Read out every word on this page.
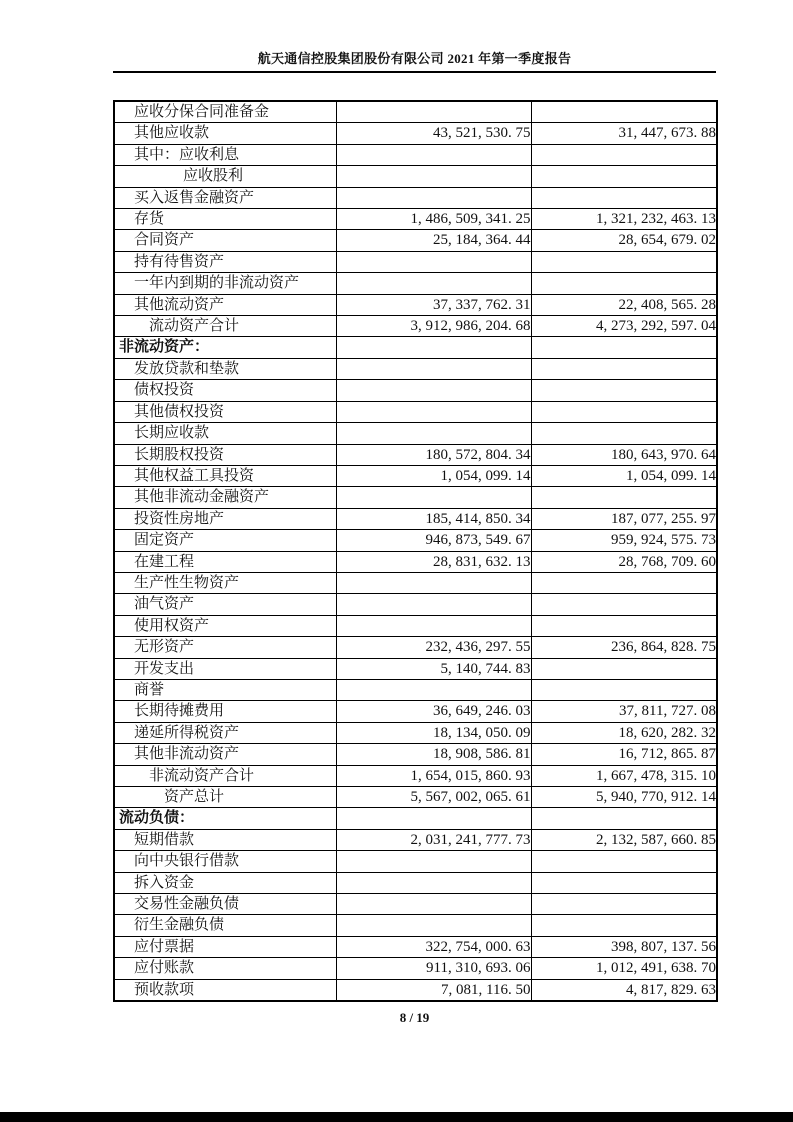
航天通信控股集团股份有限公司 2021 年第一季度报告
应收分保合同准备金		
其他应收款	43, 521, 530. 75	31, 447, 673. 88
其中：应收利息		
应收股利		
买入返售金融资产		
存货	1, 486, 509, 341. 25	1, 321, 232, 463. 13
合同资产	25, 184, 364. 44	28, 654, 679. 02
持有待售资产		
一年内到期的非流动资产		
其他流动资产	37, 337, 762. 31	22, 408, 565. 28
流动资产合计	3, 912, 986, 204. 68	4, 273, 292, 597. 04
非流动资产：		
发放贷款和垫款		
债权投资		
其他债权投资		
长期应收款		
长期股权投资	180, 572, 804. 34	180, 643, 970. 64
其他权益工具投资	1, 054, 099. 14	1, 054, 099. 14
其他非流动金融资产		
投资性房地产	185, 414, 850. 34	187, 077, 255. 97
固定资产	946, 873, 549. 67	959, 924, 575. 73
在建工程	28, 831, 632. 13	28, 768, 709. 60
生产性生物资产		
油气资产		
使用权资产		
无形资产	232, 436, 297. 55	236, 864, 828. 75
开发支出	5, 140, 744. 83	
商誉		
长期待摊费用	36, 649, 246. 03	37, 811, 727. 08
递延所得税资产	18, 134, 050. 09	18, 620, 282. 32
其他非流动资产	18, 908, 586. 81	16, 712, 865. 87
非流动资产合计	1, 654, 015, 860. 93	1, 667, 478, 315. 10
资产总计	5, 567, 002, 065. 61	5, 940, 770, 912. 14
流动负债：		
短期借款	2, 031, 241, 777. 73	2, 132, 587, 660. 85
向中央银行借款		
拆入资金		
交易性金融负债		
衍生金融负债		
应付票据	322, 754, 000. 63	398, 807, 137. 56
应付账款	911, 310, 693. 06	1, 012, 491, 638. 70
预收款项	7, 081, 116. 50	4, 817, 829. 63
8 / 19
